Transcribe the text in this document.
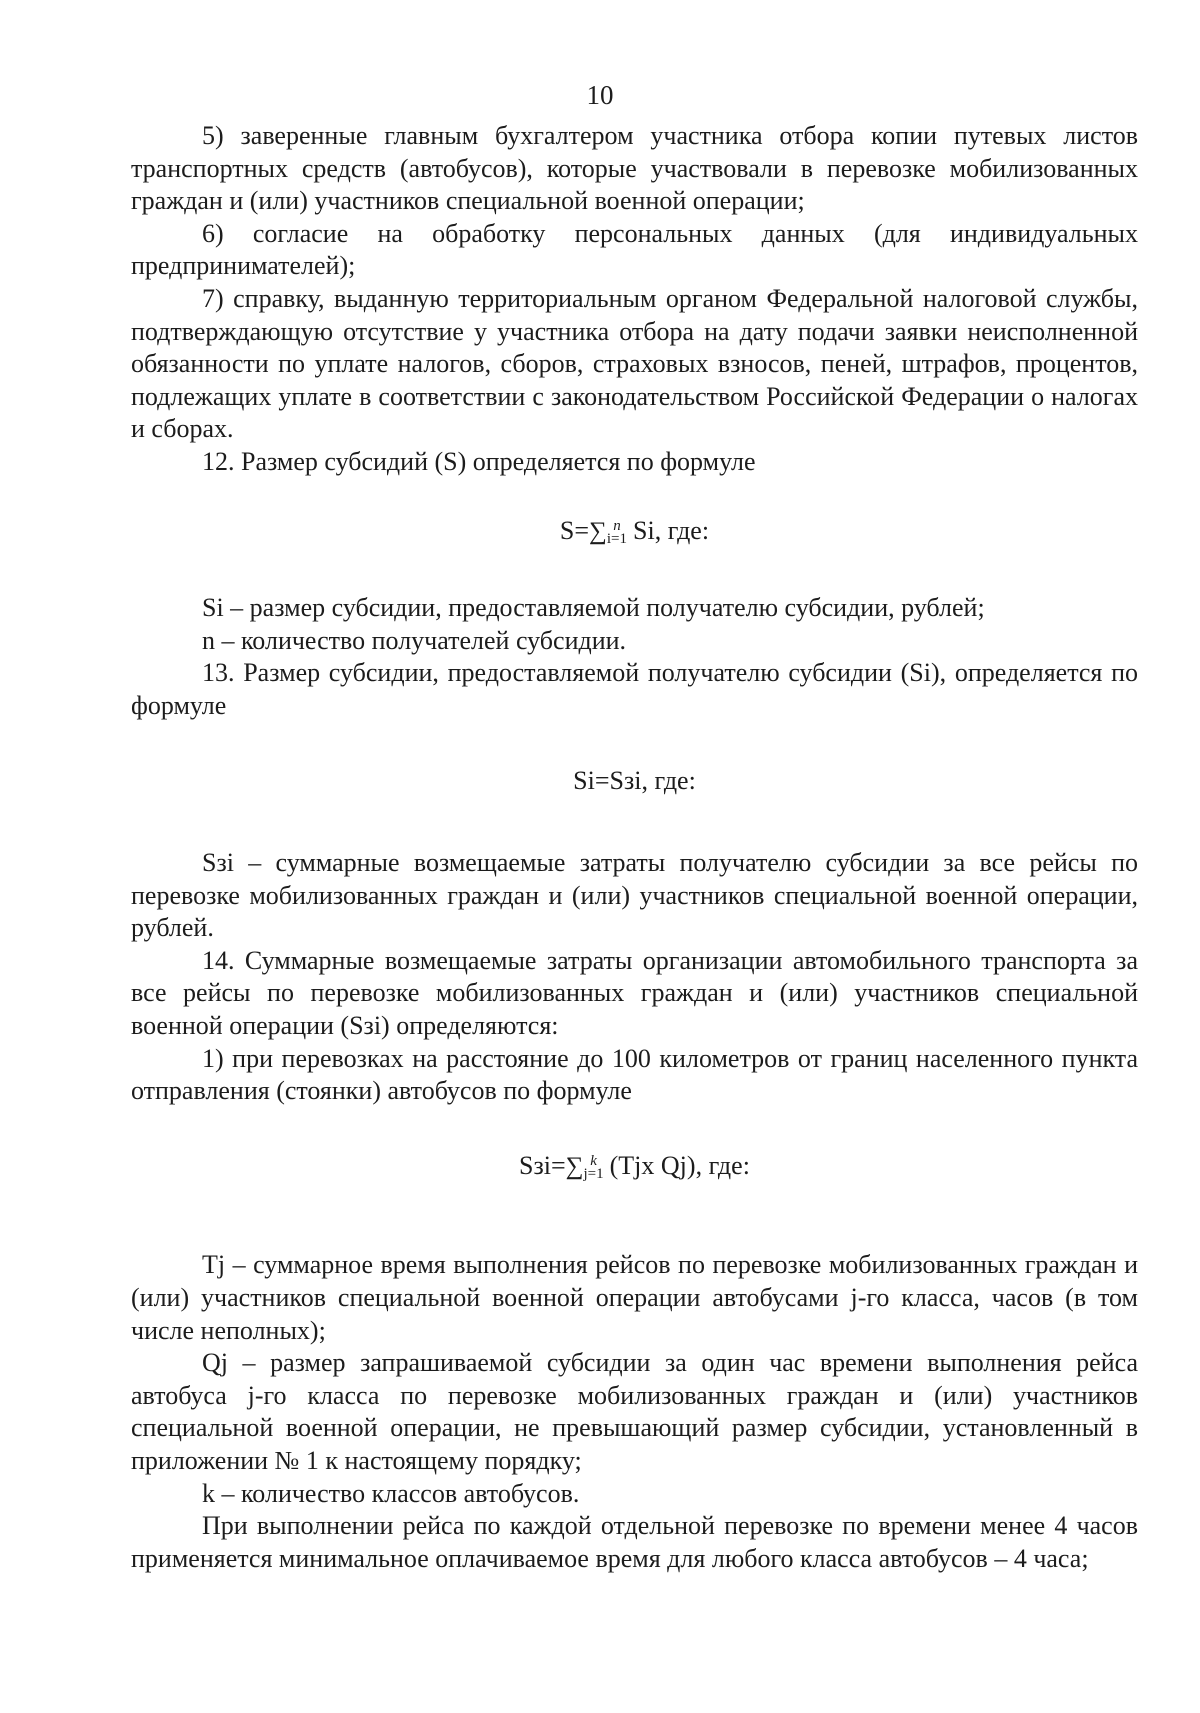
10

5) заверенные главным бухгалтером участника отбора копии путевых листов транспортных средств (автобусов), которые участвовали в перевозке мобилизованных граждан и (или) участников специальной военной операции;

6) согласие на обработку персональных данных (для индивидуальных предпринимателей);

7) справку, выданную территориальным органом Федеральной налоговой службы, подтверждающую отсутствие у участника отбора на дату подачи заявки неисполненной обязанности по уплате налогов, сборов, страховых взносов, пеней, штрафов, процентов, подлежащих уплате в соответствии с законодательством Российской Федерации о налогах и сборах.

12. Размер субсидий (S) определяется по формуле

S=∑ n
i=1 Si, где:

Si – размер субсидии, предоставляемой получателю субсидии, рублей;

n – количество получателей субсидии.

13. Размер субсидии, предоставляемой получателю субсидии (Si), определяется по формуле

Si=Sзi, где:

Sзi – суммарные возмещаемые затраты получателю субсидии за все рейсы по перевозке мобилизованных граждан и (или) участников специальной военной операции, рублей.

14. Суммарные возмещаемые затраты организации автомобильного транспорта за все рейсы по перевозке мобилизованных граждан и (или) участников специальной военной операции (Sзi) определяются:

1) при перевозках на расстояние до 100 километров от границ населенного пункта отправления (стоянки) автобусов по формуле

Sзi=∑ k
j=1 (Tjx Qj), где:

Tj – суммарное время выполнения рейсов по перевозке мобилизованных граждан и (или) участников специальной военной операции автобусами j-го класса, часов (в том числе неполных);

Qj – размер запрашиваемой субсидии за один час времени выполнения рейса автобуса j-го класса по перевозке мобилизованных граждан и (или) участников специальной военной операции, не превышающий размер субсидии, установленный в приложении № 1 к настоящему порядку;

k – количество классов автобусов.

При выполнении рейса по каждой отдельной перевозке по времени менее 4 часов применяется минимальное оплачиваемое время для любого класса автобусов – 4 часа;
